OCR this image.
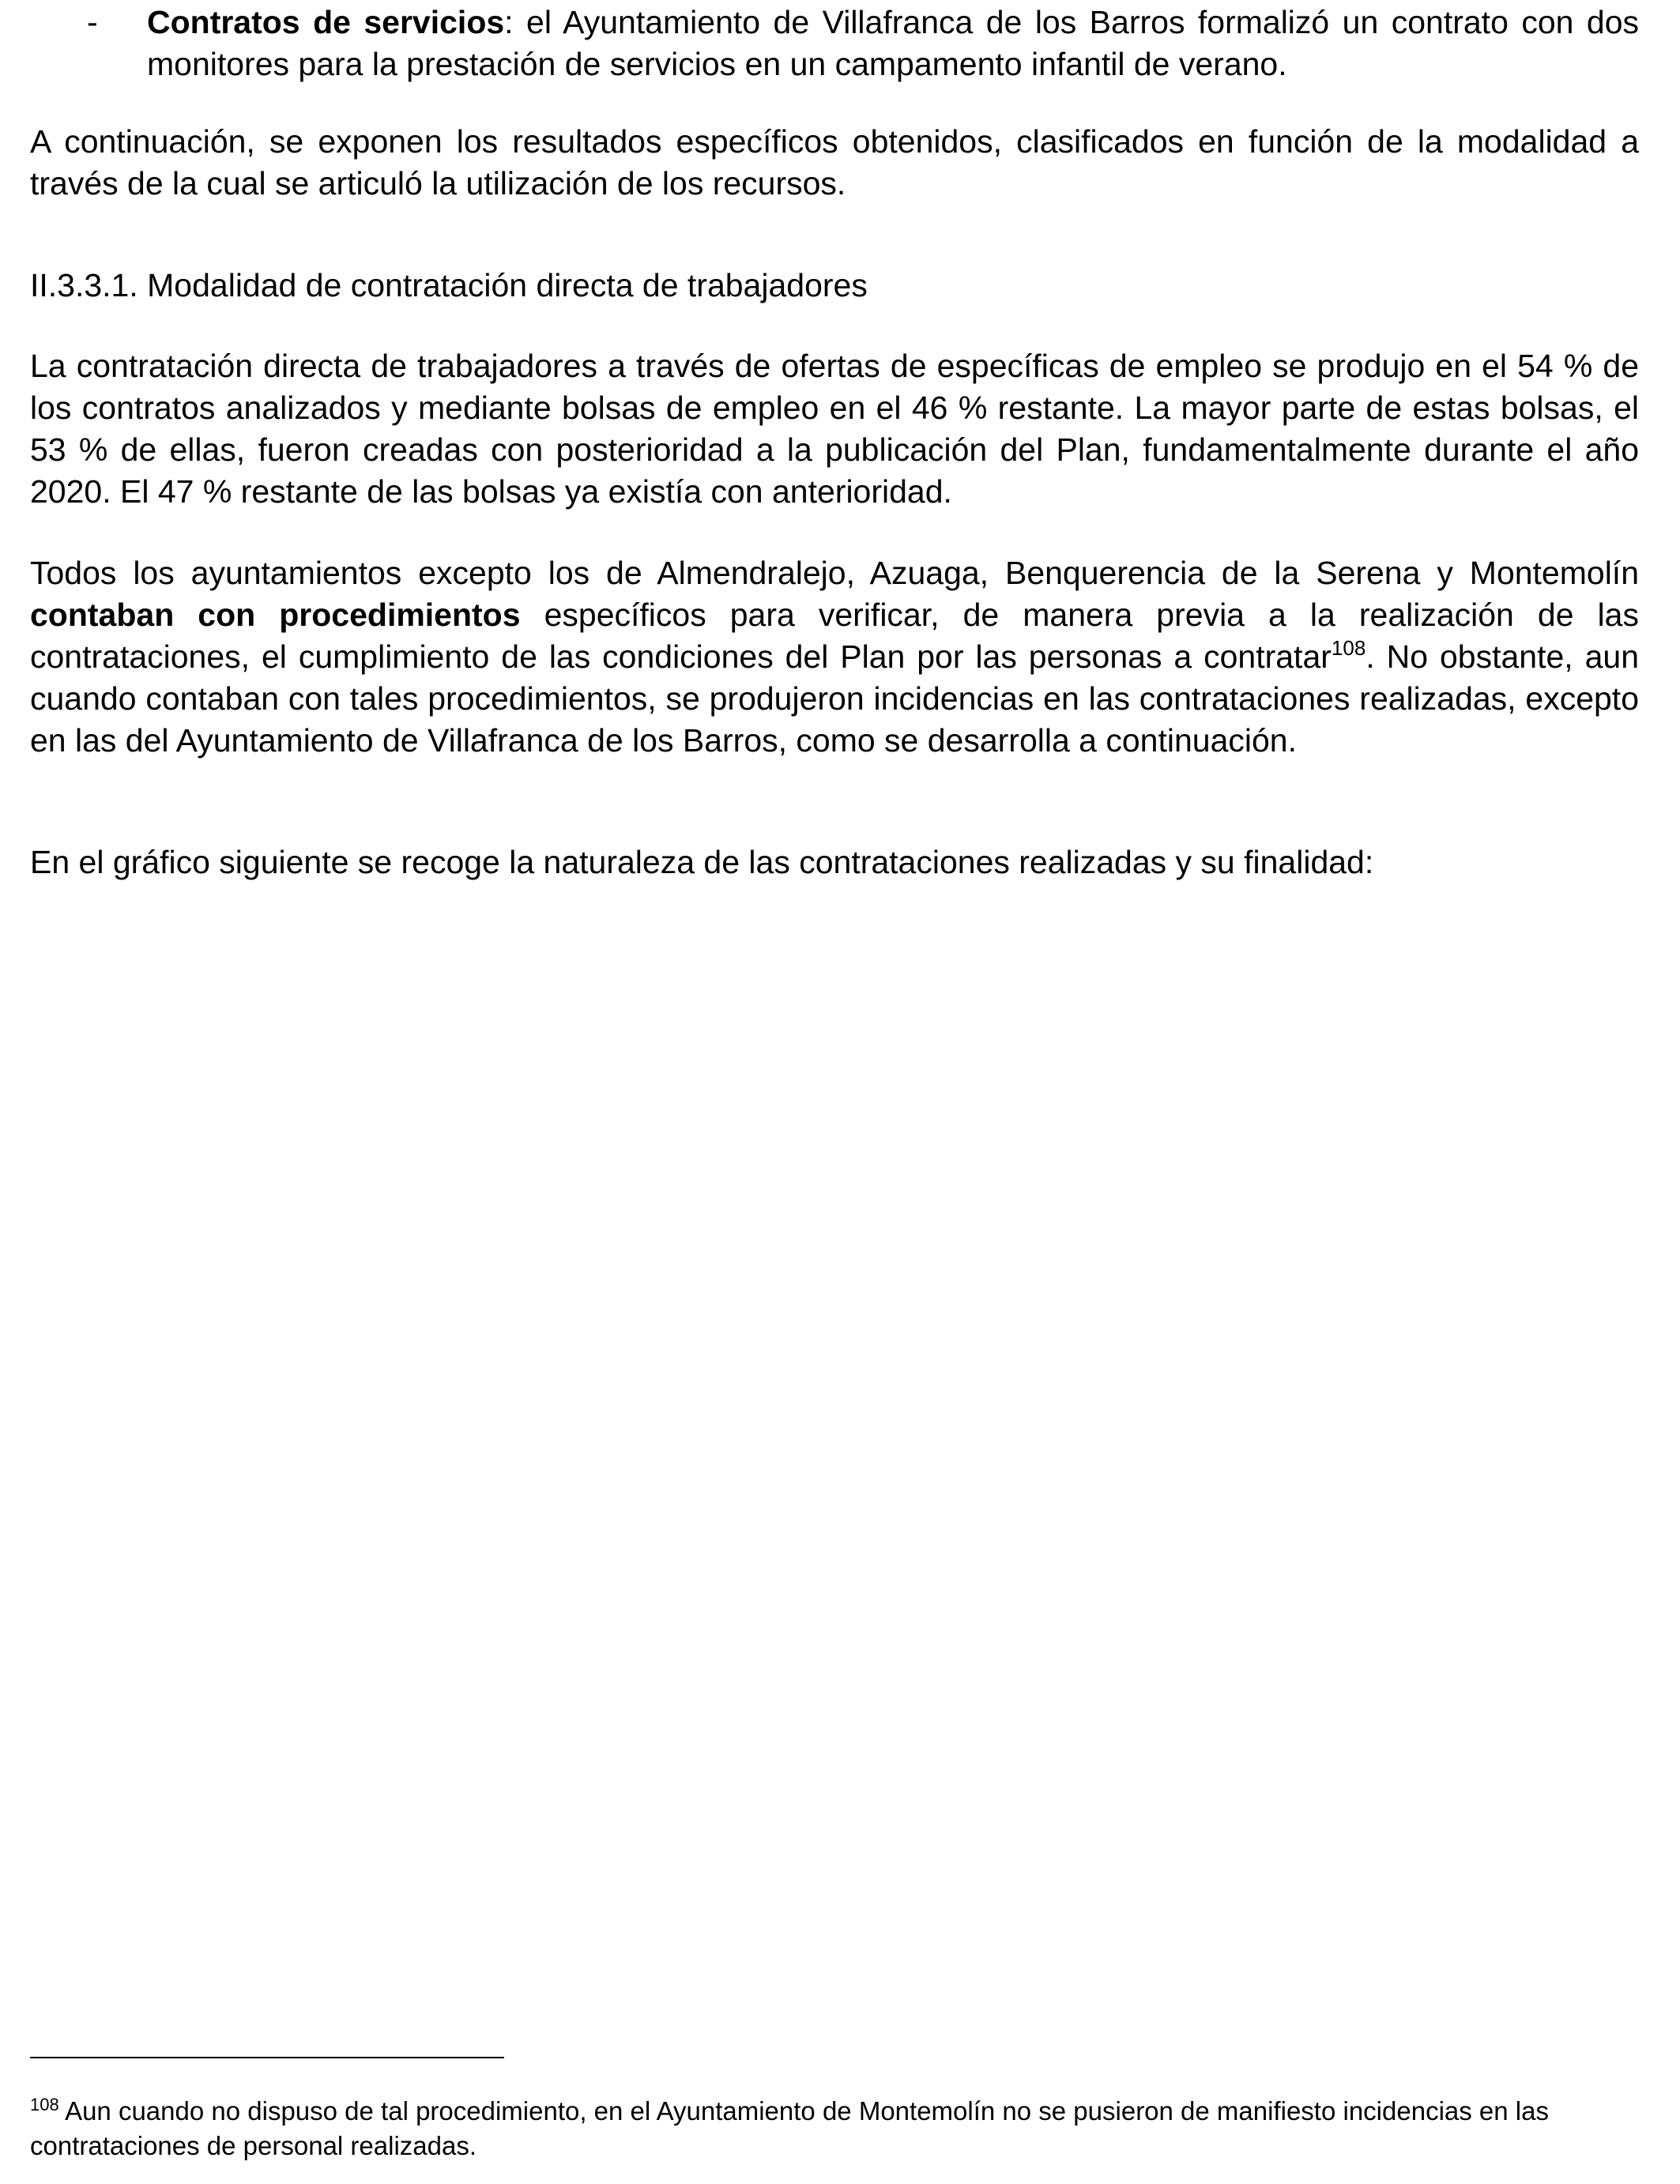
- Contratos de servicios: el Ayuntamiento de Villafranca de los Barros formalizó un contrato con dos monitores para la prestación de servicios en un campamento infantil de verano.

A continuación, se exponen los resultados específicos obtenidos, clasificados en función de la modalidad a través de la cual se articuló la utilización de los recursos.

II.3.3.1. Modalidad de contratación directa de trabajadores

La contratación directa de trabajadores a través de ofertas de específicas de empleo se produjo en el 54 % de los contratos analizados y mediante bolsas de empleo en el 46 % restante. La mayor parte de estas bolsas, el 53 % de ellas, fueron creadas con posterioridad a la publicación del Plan, fundamentalmente durante el año 2020. El 47 % restante de las bolsas ya existía con anterioridad.

Todos los ayuntamientos excepto los de Almendralejo, Azuaga, Benquerencia de la Serena y Montemolín contaban con procedimientos específicos para verificar, de manera previa a la realización de las contrataciones, el cumplimiento de las condiciones del Plan por las personas a contratar$^{108}$. No obstante, aun cuando contaban con tales procedimientos, se produjeron incidencias en las contrataciones realizadas, excepto en las del Ayuntamiento de Villafranca de los Barros, como se desarrolla a continuación.

En el gráfico siguiente se recoge la naturaleza de las contrataciones realizadas y su finalidad:

$^{108}$ Aun cuando no dispuso de tal procedimiento, en el Ayuntamiento de Montemolín no se pusieron de manifiesto incidencias en las contrataciones de personal realizadas.
